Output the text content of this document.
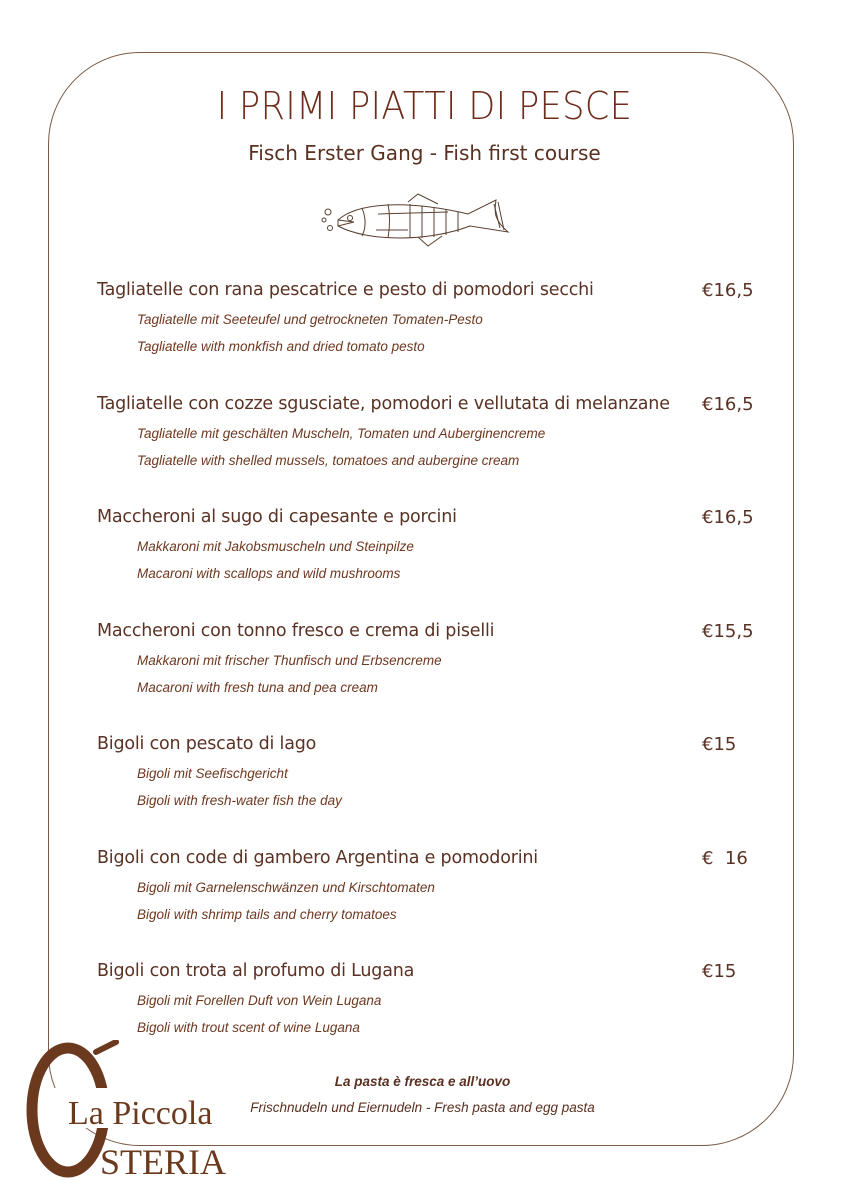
I PRIMI PIATTI DI PESCE
Fisch Erster Gang - Fish first course
Tagliatelle con rana pescatrice e pesto di pomodori secchi	€16,5
Tagliatelle mit Seeteufel und getrockneten Tomaten-Pesto
Tagliatelle with monkfish and dried tomato pesto
Tagliatelle con cozze sgusciate, pomodori e vellutata di melanzane	€16,5
Tagliatelle mit geschälten Muscheln, Tomaten und Auberginencreme
Tagliatelle with shelled mussels, tomatoes and aubergine cream
Maccheroni al sugo di capesante e porcini	€16,5
Makkaroni mit Jakobsmuscheln und Steinpilze
Macaroni with scallops and wild mushrooms
Maccheroni con tonno fresco e crema di piselli	€15,5
Makkaroni mit frischer Thunfisch und Erbsencreme
Macaroni with fresh tuna and pea cream
Bigoli con pescato di lago	€15
Bigoli mit Seefischgericht
Bigoli with fresh-water fish the day
Bigoli con code di gambero Argentina e pomodorini	€  16
Bigoli mit Garnelenschwänzen und Kirschtomaten
Bigoli with shrimp tails and cherry tomatoes
Bigoli con trota al profumo di Lugana	€15
Bigoli mit Forellen Duft von Wein Lugana
Bigoli with trout scent of wine Lugana
La pasta è fresca e all’uovo
Frischnudeln und Eiernudeln - Fresh pasta and egg pasta
La Piccola
STERIA
